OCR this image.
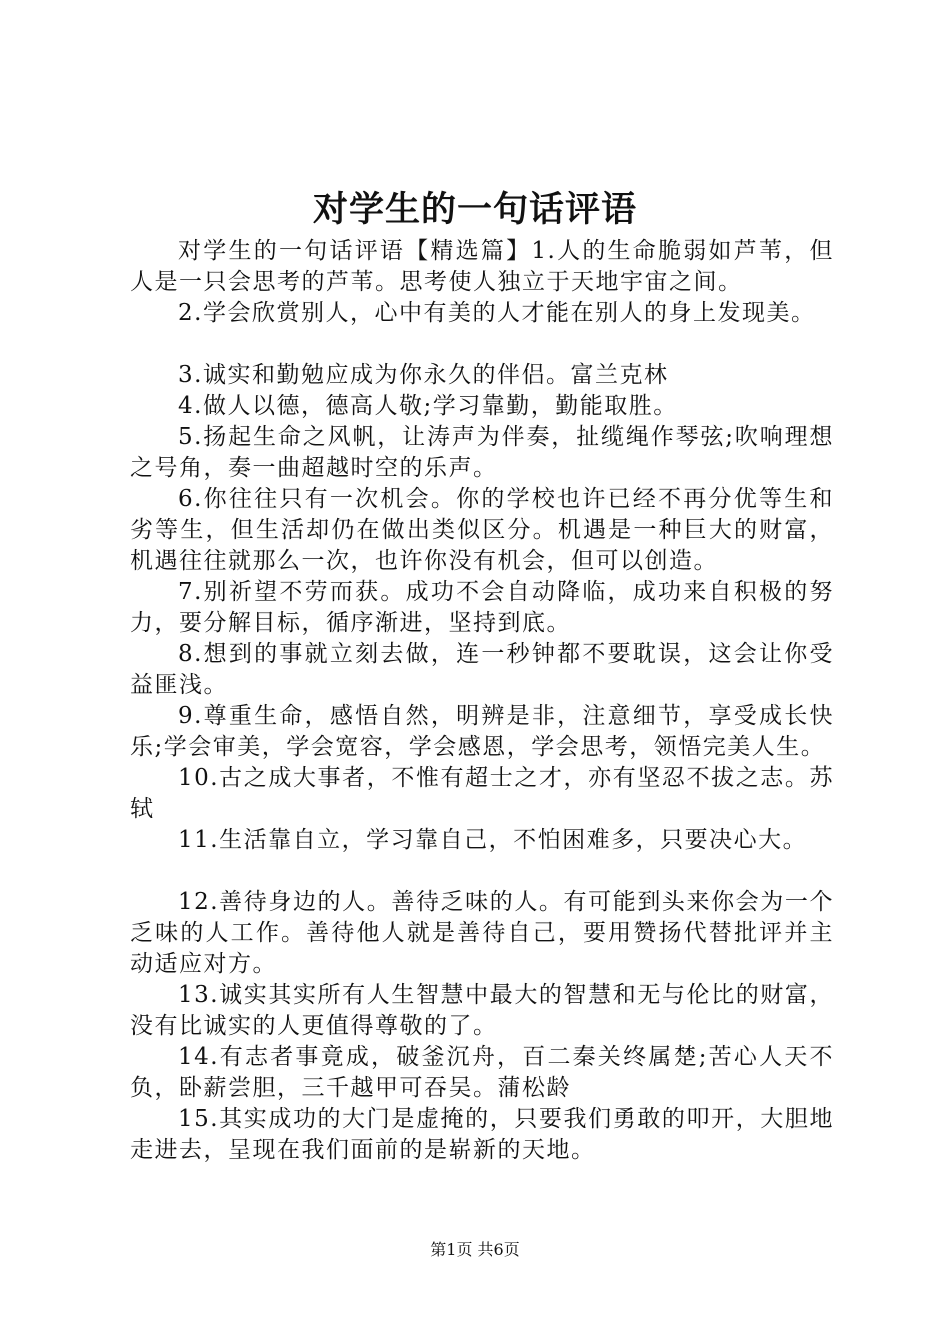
对学生的一句话评语

对学生的一句话评语【精选篇】1.人的生命脆弱如芦苇，但人是一只会思考的芦苇。思考使人独立于天地宇宙之间。

2.学会欣赏别人，心中有美的人才能在别人的身上发现美。

3.诚实和勤勉应成为你永久的伴侣。富兰克林

4.做人以德，德高人敬;学习靠勤，勤能取胜。

5.扬起生命之风帆，让涛声为伴奏，扯缆绳作琴弦;吹响理想之号角，奏一曲超越时空的乐声。

6.你往往只有一次机会。你的学校也许已经不再分优等生和劣等生，但生活却仍在做出类似区分。机遇是一种巨大的财富，机遇往往就那么一次，也许你没有机会，但可以创造。

7.别祈望不劳而获。成功不会自动降临，成功来自积极的努力，要分解目标，循序渐进，坚持到底。

8.想到的事就立刻去做，连一秒钟都不要耽误，这会让你受益匪浅。

9.尊重生命，感悟自然，明辨是非，注意细节，享受成长快乐;学会审美，学会宽容，学会感恩，学会思考，领悟完美人生。

10.古之成大事者，不惟有超士之才，亦有坚忍不拔之志。苏轼

11.生活靠自立，学习靠自己，不怕困难多，只要决心大。

12.善待身边的人。善待乏味的人。有可能到头来你会为一个乏味的人工作。善待他人就是善待自己，要用赞扬代替批评并主动适应对方。

13.诚实其实所有人生智慧中最大的智慧和无与伦比的财富，没有比诚实的人更值得尊敬的了。

14.有志者事竟成，破釜沉舟，百二秦关终属楚;苦心人天不负，卧薪尝胆，三千越甲可吞吴。蒲松龄

15.其实成功的大门是虚掩的，只要我们勇敢的叩开，大胆地走进去，呈现在我们面前的是崭新的天地。

第1页 共6页
